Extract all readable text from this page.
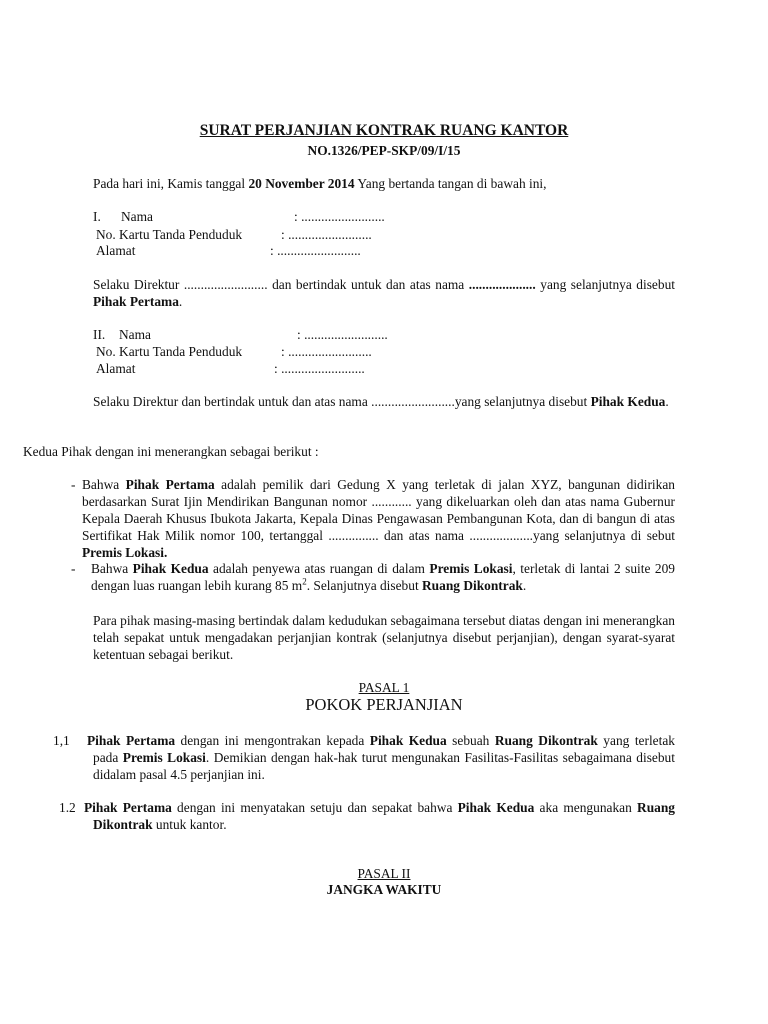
SURAT PERJANJIAN KONTRAK RUANG KANTOR
NO.1326/PEP-SKP/09/I/15
Pada hari ini, Kamis tanggal 20 November 2014 Yang bertanda tangan di bawah ini,
I. Nama	: .........................
No. Kartu Tanda Penduduk	: .........................
Alamat	: .........................
Selaku Direktur ......................... dan bertindak untuk dan atas nama .................... yang selanjutnya disebut Pihak Pertama.
II. Nama	: .........................
No. Kartu Tanda Penduduk	: .........................
Alamat	: .........................
Selaku Direktur dan bertindak untuk dan atas nama .........................yang selanjutnya disebut Pihak Kedua.
Kedua Pihak dengan ini menerangkan sebagai berikut :
- Bahwa Pihak Pertama adalah pemilik dari Gedung X yang terletak di jalan XYZ, bangunan didirikan berdasarkan Surat Ijin Mendirikan Bangunan nomor ............ yang dikeluarkan oleh dan atas nama Gubernur Kepala Daerah Khusus Ibukota Jakarta, Kepala Dinas Pengawasan Pembangunan Kota, dan di bangun di atas Sertifikat Hak Milik nomor 100, tertanggal ............... dan atas nama ...................yang selanjutnya di sebut Premis Lokasi.
- Bahwa Pihak Kedua adalah penyewa atas ruangan di dalam Premis Lokasi, terletak di lantai 2 suite 209 dengan luas ruangan lebih kurang 85 $m^2$. Selanjutnya disebut Ruang Dikontrak.
Para pihak masing-masing bertindak dalam kedudukan sebagaimana tersebut diatas dengan ini menerangkan telah sepakat untuk mengadakan perjanjian kontrak (selanjutnya disebut perjanjian), dengan syarat-syarat ketentuan sebagai berikut.
PASAL 1
POKOK PERJANJIAN
1,1 Pihak Pertama dengan ini mengontrakan kepada Pihak Kedua sebuah Ruang Dikontrak yang terletak pada Premis Lokasi. Demikian dengan hak-hak turut mengunakan Fasilitas-Fasilitas sebagaimana disebut didalam pasal 4.5 perjanjian ini.
1.2 Pihak Pertama dengan ini menyatakan setuju dan sepakat bahwa Pihak Kedua aka mengunakan Ruang Dikontrak untuk kantor.
PASAL II
JANGKA WAKITU
